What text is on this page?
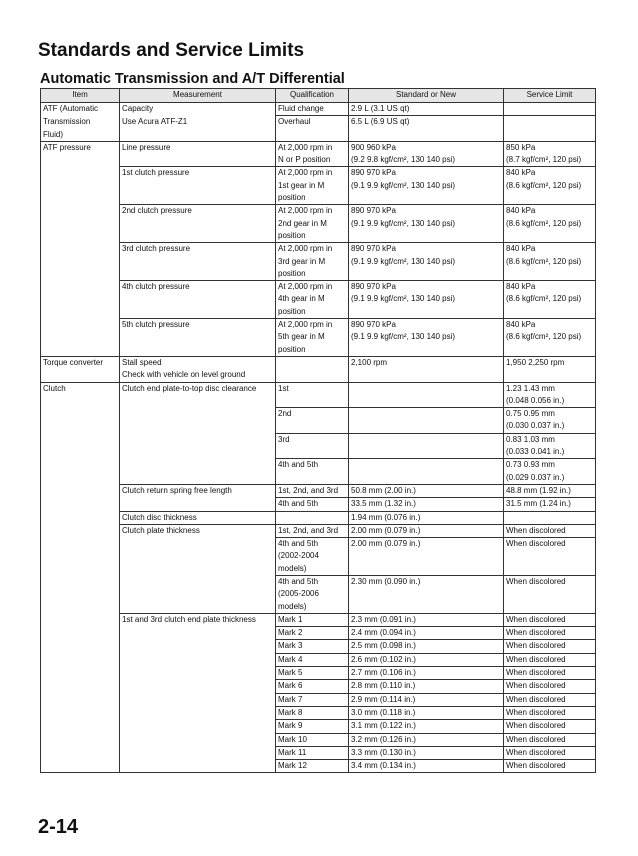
Standards and Service Limits
Automatic Transmission and A/T Differential
Item	Measurement	Qualification	Standard or New	Service Limit
ATF (Automatic	Capacity	Fluid change	2.9 L (3.1 US qt)	
Transmission	Use Acura ATF-Z1	Overhaul	6.5 L (6.9 US qt)	
Fluid)				
ATF pressure	Line pressure	At 2,000 rpm in	900 960 kPa	850 kPa
		N or P position	(9.2 9.8 kgf/cm², 130 140 psi)	(8.7 kgf/cm², 120 psi)
	1st clutch pressure	At 2,000 rpm in	890 970 kPa	840 kPa
		1st gear in M	(9.1 9.9 kgf/cm², 130 140 psi)	(8.6 kgf/cm², 120 psi)
		position		
	2nd clutch pressure	At 2,000 rpm in	890 970 kPa	840 kPa
		2nd gear in M	(9.1 9.9 kgf/cm², 130 140 psi)	(8.6 kgf/cm², 120 psi)
		position		
	3rd clutch pressure	At 2,000 rpm in	890 970 kPa	840 kPa
		3rd gear in M	(9.1 9.9 kgf/cm², 130 140 psi)	(8.6 kgf/cm², 120 psi)
		position		
	4th clutch pressure	At 2,000 rpm in	890 970 kPa	840 kPa
		4th gear in M	(9.1 9.9 kgf/cm², 130 140 psi)	(8.6 kgf/cm², 120 psi)
		position		
	5th clutch pressure	At 2,000 rpm in	890 970 kPa	840 kPa
		5th gear in M	(9.1 9.9 kgf/cm², 130 140 psi)	(8.6 kgf/cm², 120 psi)
		position		
Torque converter	Stall speed		2,100 rpm	1,950 2,250 rpm
	Check with vehicle on level ground			
Clutch	Clutch end plate-to-top disc clearance	1st		1.23 1.43 mm
				(0.048 0.056 in.)
		2nd		0.75 0.95 mm
				(0.030 0.037 in.)
		3rd		0.83 1.03 mm
				(0.033 0.041 in.)
		4th and 5th		0.73 0.93 mm
				(0.029 0.037 in.)
	Clutch return spring free length	1st, 2nd, and 3rd	50.8 mm (2.00 in.)	48.8 mm (1.92 in.)
		4th and 5th	33.5 mm (1.32 in.)	31.5 mm (1.24 in.)
	Clutch disc thickness		1.94 mm (0.076 in.)	
	Clutch plate thickness	1st, 2nd, and 3rd	2.00 mm (0.079 in.)	When discolored
		4th and 5th	2.00 mm (0.079 in.)	When discolored
		(2002-2004		
		models)		
		4th and 5th	2.30 mm (0.090 in.)	When discolored
		(2005-2006		
		models)		
	1st and 3rd clutch end plate thickness	Mark 1	2.3 mm (0.091 in.)	When discolored
		Mark 2	2.4 mm (0.094 in.)	When discolored
		Mark 3	2.5 mm (0.098 in.)	When discolored
		Mark 4	2.6 mm (0.102 in.)	When discolored
		Mark 5	2.7 mm (0.106 in.)	When discolored
		Mark 6	2.8 mm (0.110 in.)	When discolored
		Mark 7	2.9 mm (0.114 in.)	When discolored
		Mark 8	3.0 mm (0.118 in.)	When discolored
		Mark 9	3.1 mm (0.122 in.)	When discolored
		Mark 10	3.2 mm (0.126 in.)	When discolored
		Mark 11	3.3 mm (0.130 in.)	When discolored
		Mark 12	3.4 mm (0.134 in.)	When discolored
2-14
